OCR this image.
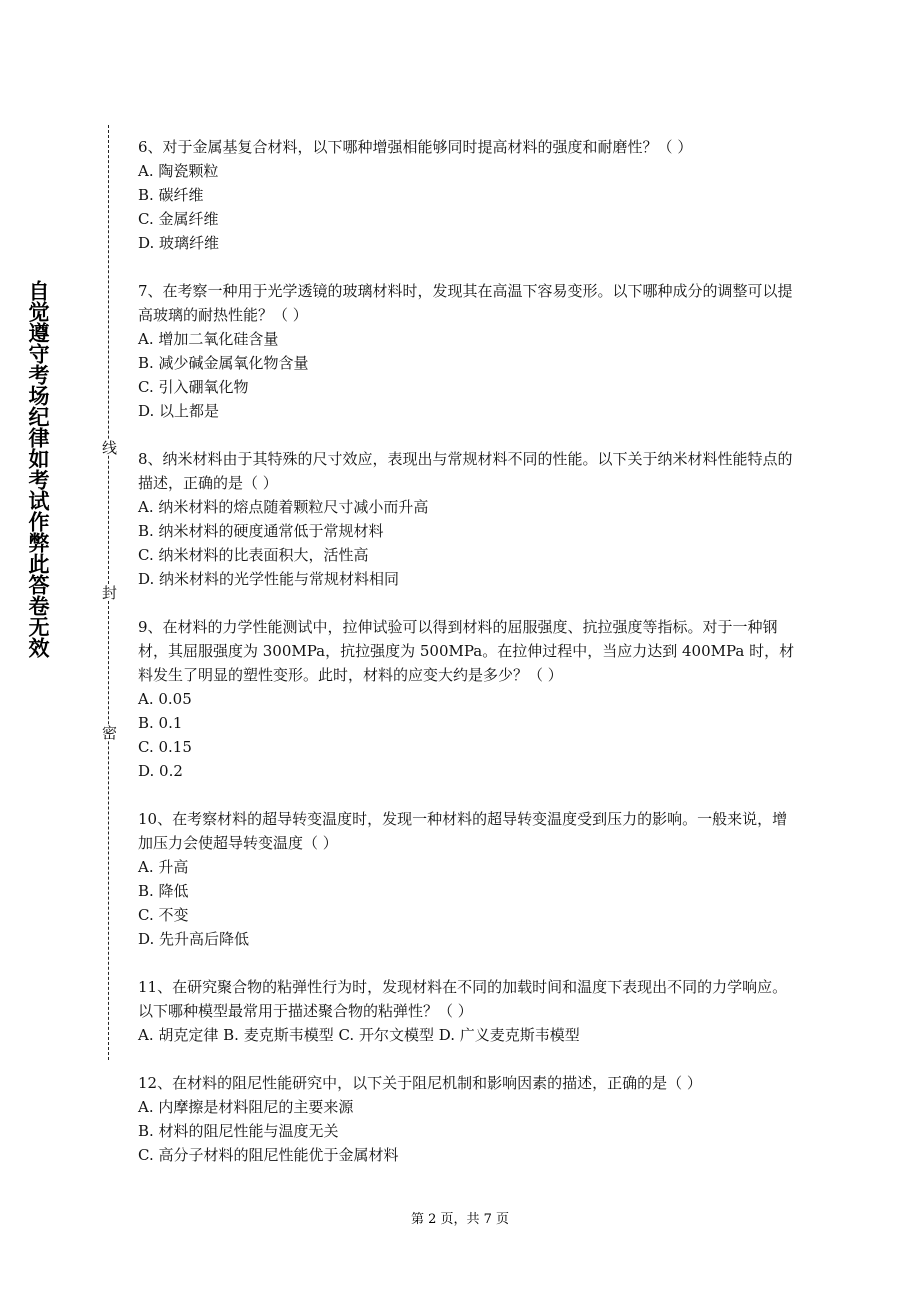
自觉遵守考场纪律如考试作弊此答卷无效	线
封
密

6、对于金属基复合材料，以下哪种增强相能够同时提高材料的强度和耐磨性？（ ）

A. 陶瓷颗粒

B. 碳纤维

C. 金属纤维

D. 玻璃纤维

7、在考察一种用于光学透镜的玻璃材料时，发现其在高温下容易变形。以下哪种成分的调整可以提高玻璃的耐热性能？（ ）

A. 增加二氧化硅含量

B. 减少碱金属氧化物含量

C. 引入硼氧化物

D. 以上都是

8、纳米材料由于其特殊的尺寸效应，表现出与常规材料不同的性能。以下关于纳米材料性能特点的描述，正确的是（ ）

A. 纳米材料的熔点随着颗粒尺寸减小而升高

B. 纳米材料的硬度通常低于常规材料

C. 纳米材料的比表面积大，活性高

D. 纳米材料的光学性能与常规材料相同

9、在材料的力学性能测试中，拉伸试验可以得到材料的屈服强度、抗拉强度等指标。对于一种钢材，其屈服强度为 300MPa，抗拉强度为 500MPa。在拉伸过程中，当应力达到 400MPa 时，材料发生了明显的塑性变形。此时，材料的应变大约是多少？（ ）

A. 0.05

B. 0.1

C. 0.15

D. 0.2

10、在考察材料的超导转变温度时，发现一种材料的超导转变温度受到压力的影响。一般来说，增加压力会使超导转变温度（ ）

A. 升高

B. 降低

C. 不变

D. 先升高后降低

11、在研究聚合物的粘弹性行为时，发现材料在不同的加载时间和温度下表现出不同的力学响应。以下哪种模型最常用于描述聚合物的粘弹性？（ ）

A. 胡克定律 B. 麦克斯韦模型 C. 开尔文模型 D. 广义麦克斯韦模型

12、在材料的阻尼性能研究中，以下关于阻尼机制和影响因素的描述，正确的是（ ）

A. 内摩擦是材料阻尼的主要来源

B. 材料的阻尼性能与温度无关

C. 高分子材料的阻尼性能优于金属材料

第 2 页，共 7 页
